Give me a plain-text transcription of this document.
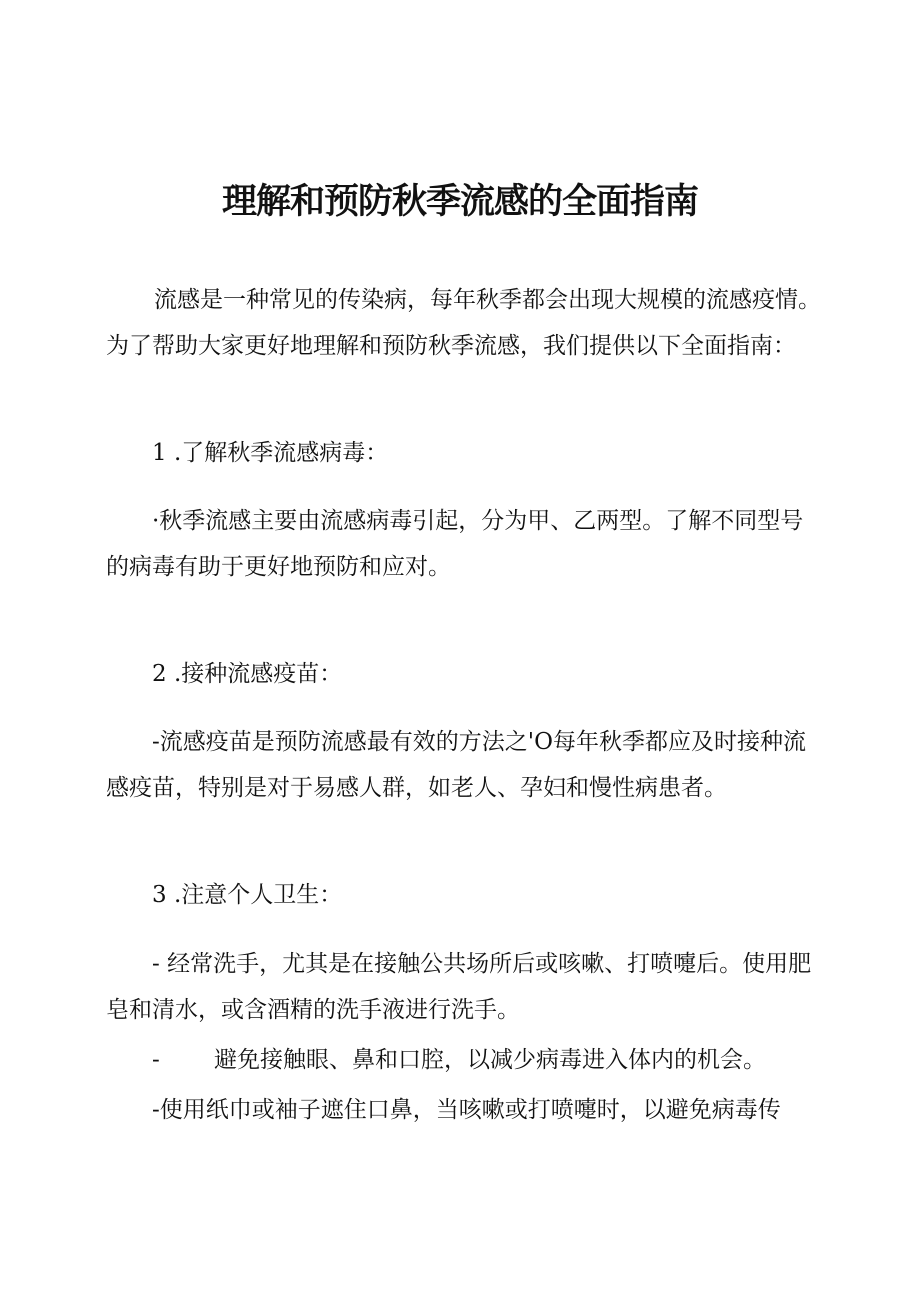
理解和预防秋季流感的全面指南
流感是一种常见的传染病，每年秋季都会出现大规模的流感疫情。
为了帮助大家更好地理解和预防秋季流感，我们提供以下全面指南：
1 .了解秋季流感病毒：
·秋季流感主要由流感病毒引起，分为甲、乙两型。了解不同型号
的病毒有助于更好地预防和应对。
2 .接种流感疫苗：
-流感疫苗是预防流感最有效的方法之'O每年秋季都应及时接种流
感疫苗，特别是对于易感人群，如老人、孕妇和慢性病患者。
3 .注意个人卫生：
- 经常洗手，尤其是在接触公共场所后或咳嗽、打喷嚏后。使用肥
皂和清水，或含酒精的洗手液进行洗手。
- 避免接触眼、鼻和口腔，以减少病毒进入体内的机会。
-使用纸巾或袖子遮住口鼻，当咳嗽或打喷嚏时，以避免病毒传
